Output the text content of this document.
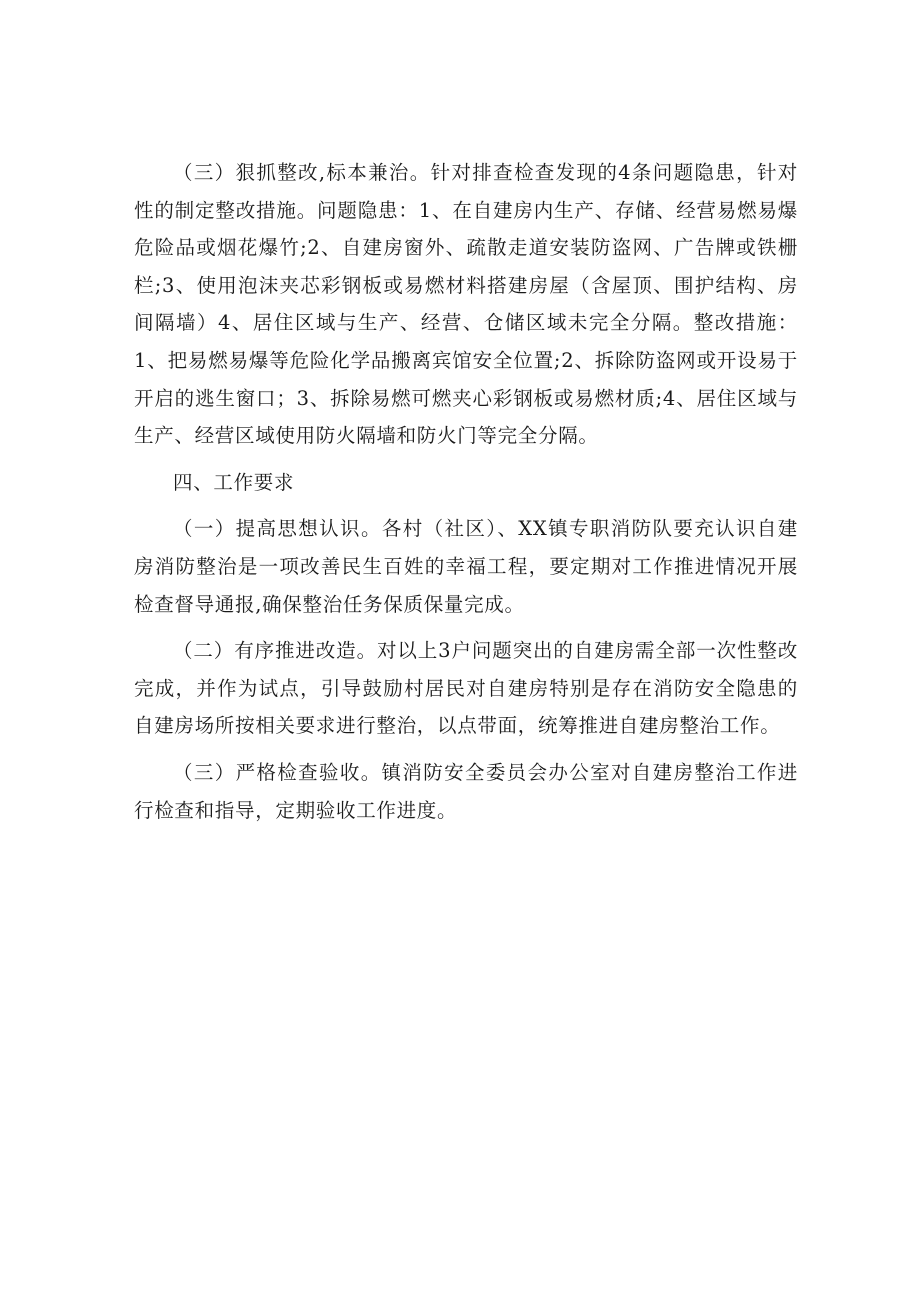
（三）狠抓整改,标本兼治。针对排查检查发现的4条问题隐患，针对性的制定整改措施。问题隐患：1、在自建房内生产、存储、经营易燃易爆危险品或烟花爆竹;2、自建房窗外、疏散走道安装防盗网、广告牌或铁栅栏;3、使用泡沫夹芯彩钢板或易燃材料搭建房屋（含屋顶、围护结构、房间隔墙）4、居住区域与生产、经营、仓储区域未完全分隔。整改措施：1、把易燃易爆等危险化学品搬离宾馆安全位置;2、拆除防盗网或开设易于开启的逃生窗口；3、拆除易燃可燃夹心彩钢板或易燃材质;4、居住区域与生产、经营区域使用防火隔墙和防火门等完全分隔。

四、工作要求

（一）提高思想认识。各村（社区）、XX镇专职消防队要充认识自建房消防整治是一项改善民生百姓的幸福工程，要定期对工作推进情况开展检查督导通报,确保整治任务保质保量完成。

（二）有序推进改造。对以上3户问题突出的自建房需全部一次性整改完成，并作为试点，引导鼓励村居民对自建房特别是存在消防安全隐患的自建房场所按相关要求进行整治，以点带面，统筹推进自建房整治工作。

（三）严格检查验收。镇消防安全委员会办公室对自建房整治工作进行检查和指导，定期验收工作进度。
